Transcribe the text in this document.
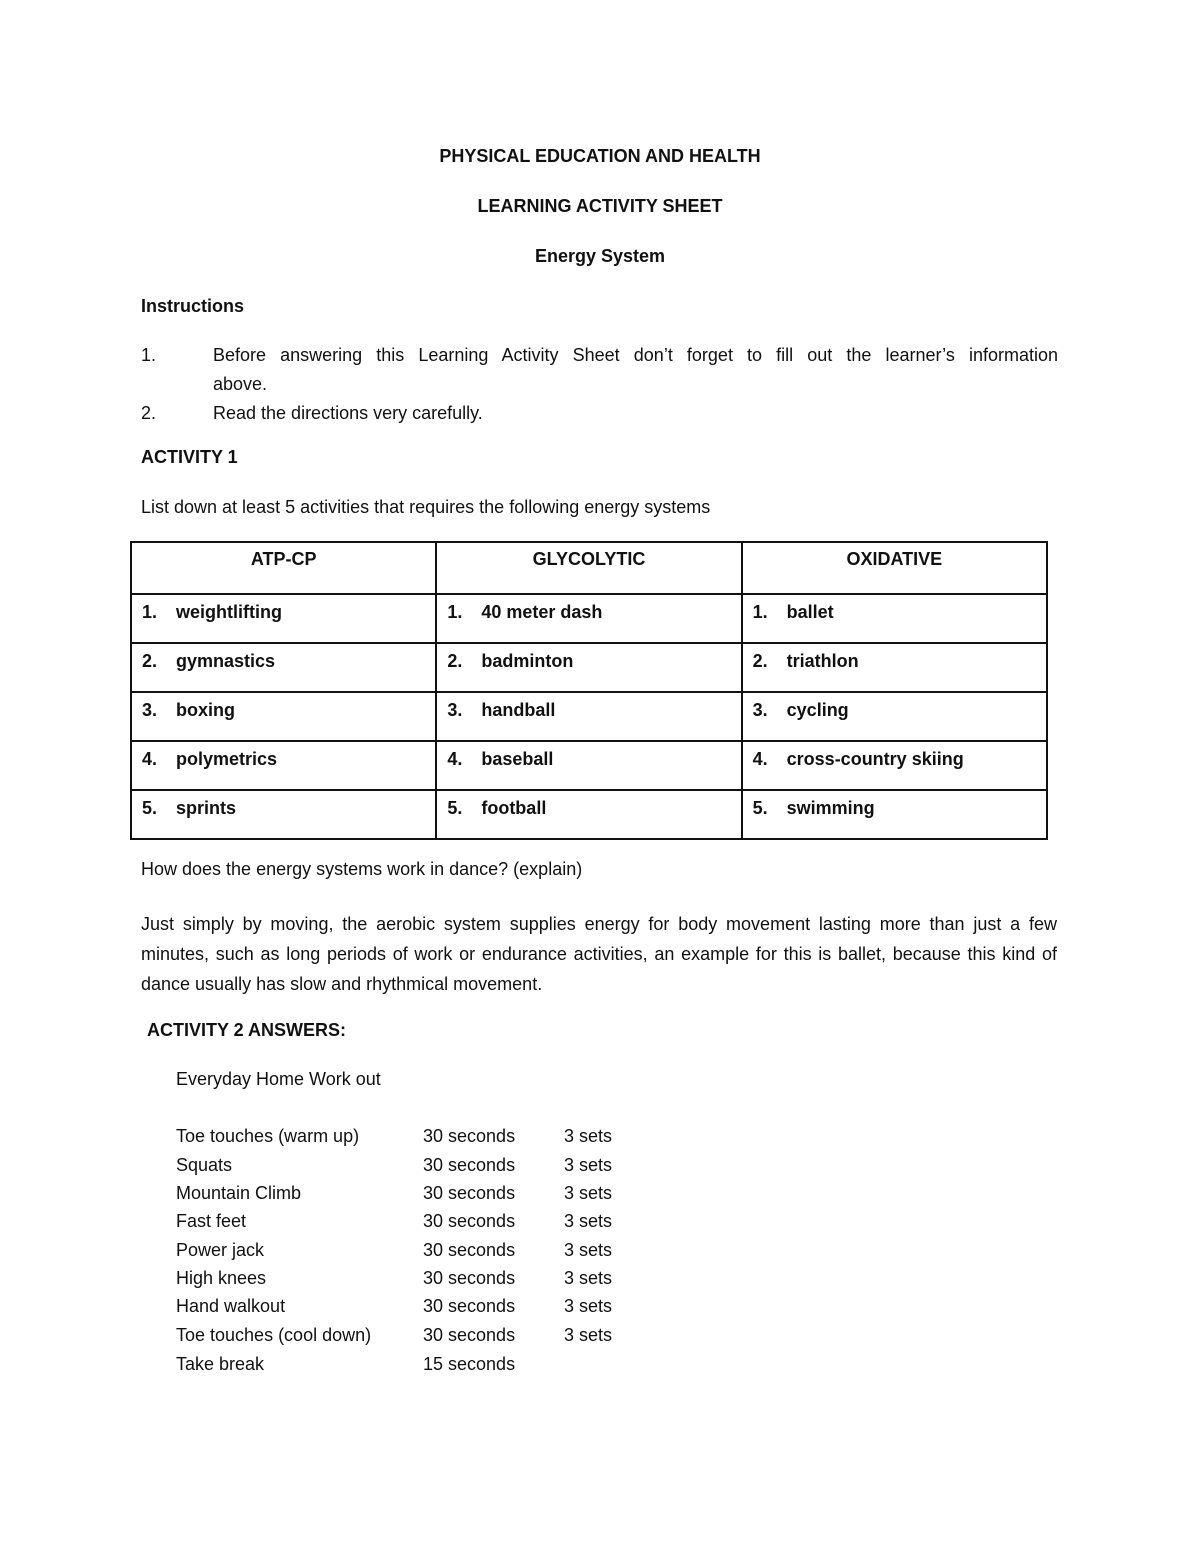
PHYSICAL EDUCATION AND HEALTH
LEARNING ACTIVITY SHEET
Energy System
Instructions
1.	Before answering this Learning Activity Sheet don’t forget to fill out the learner’s information
above.
2.	Read the directions very carefully.
ACTIVITY 1
List down at least 5 activities that requires the following energy systems
ATP-CP	GLYCOLYTIC	OXIDATIVE
1. weightlifting	1. 40 meter dash	1. ballet
2. gymnastics	2. badminton	2. triathlon
3. boxing	3. handball	3. cycling
4. polymetrics	4. baseball	4. cross-country skiing
5. sprints	5. football	5. swimming
How does the energy systems work in dance? (explain)
Just simply by moving, the aerobic system supplies energy for body movement lasting more than just a few minutes, such as long periods of work or endurance activities, an example for this is ballet, because this kind of dance usually has slow and rhythmical movement.
ACTIVITY 2 ANSWERS:
Everyday Home Work out
Toe touches (warm up)	30 seconds	3 sets
Squats	30 seconds	3 sets
Mountain Climb	30 seconds	3 sets
Fast feet	30 seconds	3 sets
Power jack	30 seconds	3 sets
High knees	30 seconds	3 sets
Hand walkout	30 seconds	3 sets
Toe touches (cool down)	30 seconds	3 sets
Take break	15 seconds
